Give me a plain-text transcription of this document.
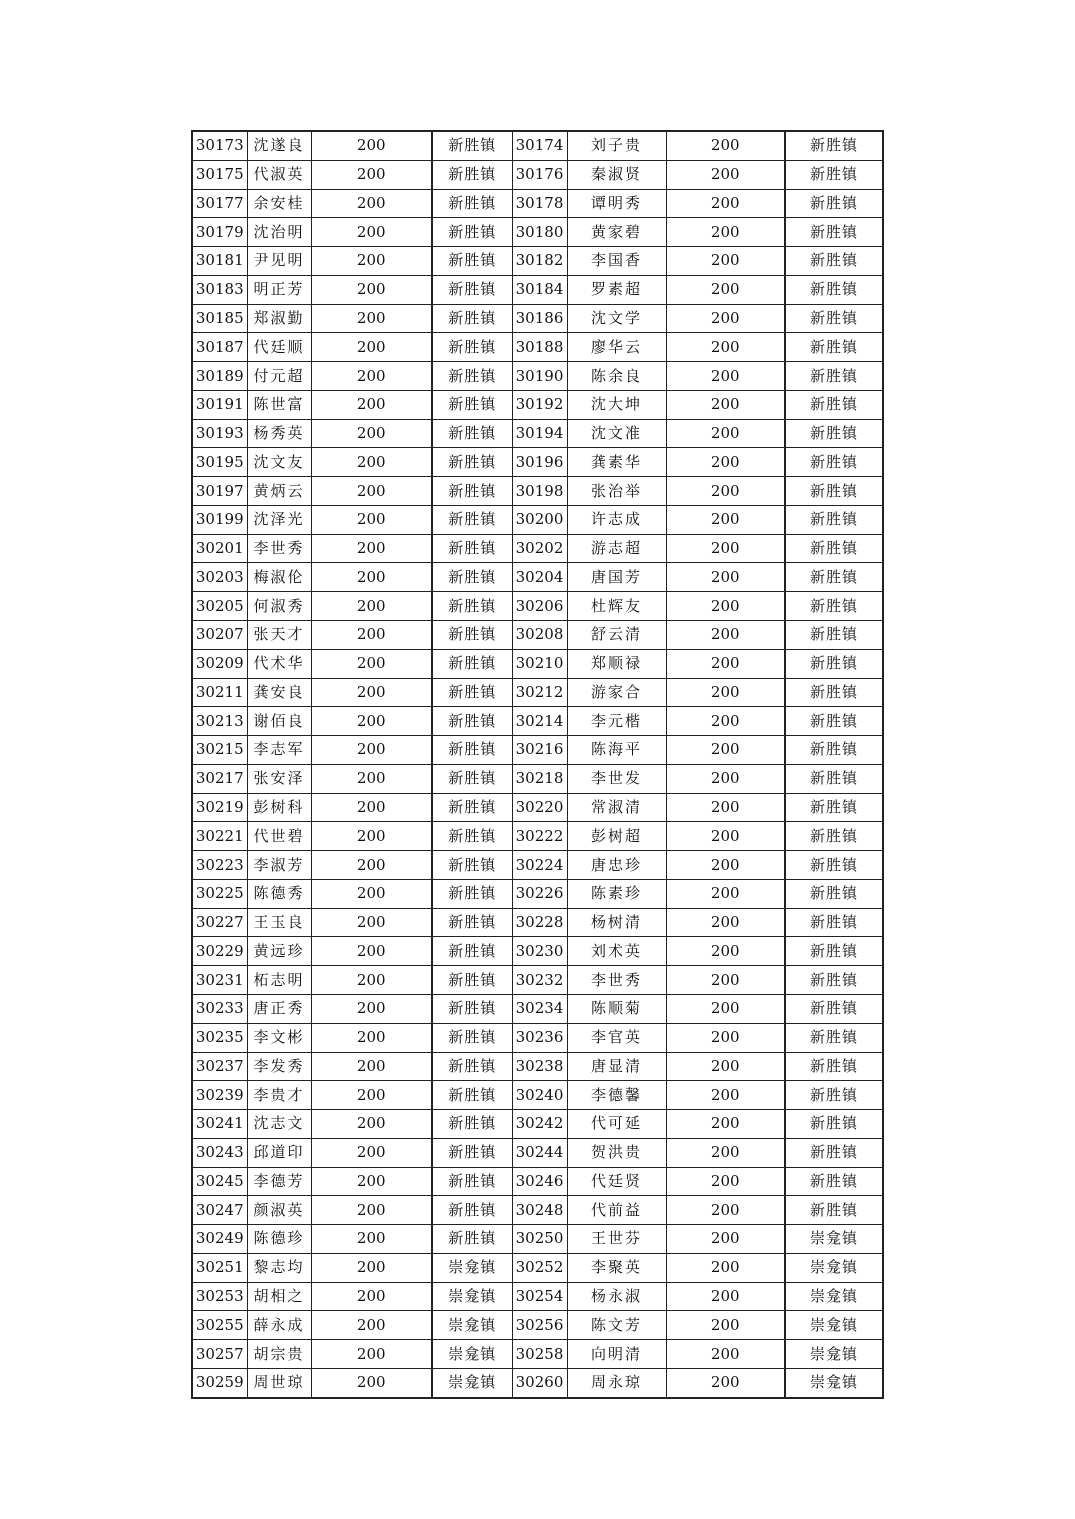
30173	沈遂良	200	新胜镇	30174	刘子贵	200	新胜镇
30175	代淑英	200	新胜镇	30176	秦淑贤	200	新胜镇
30177	余安桂	200	新胜镇	30178	谭明秀	200	新胜镇
30179	沈治明	200	新胜镇	30180	黄家碧	200	新胜镇
30181	尹见明	200	新胜镇	30182	李国香	200	新胜镇
30183	明正芳	200	新胜镇	30184	罗素超	200	新胜镇
30185	郑淑勤	200	新胜镇	30186	沈文学	200	新胜镇
30187	代廷顺	200	新胜镇	30188	廖华云	200	新胜镇
30189	付元超	200	新胜镇	30190	陈余良	200	新胜镇
30191	陈世富	200	新胜镇	30192	沈大坤	200	新胜镇
30193	杨秀英	200	新胜镇	30194	沈文准	200	新胜镇
30195	沈文友	200	新胜镇	30196	龚素华	200	新胜镇
30197	黄炳云	200	新胜镇	30198	张治举	200	新胜镇
30199	沈泽光	200	新胜镇	30200	许志成	200	新胜镇
30201	李世秀	200	新胜镇	30202	游志超	200	新胜镇
30203	梅淑伦	200	新胜镇	30204	唐国芳	200	新胜镇
30205	何淑秀	200	新胜镇	30206	杜辉友	200	新胜镇
30207	张天才	200	新胜镇	30208	舒云清	200	新胜镇
30209	代术华	200	新胜镇	30210	郑顺禄	200	新胜镇
30211	龚安良	200	新胜镇	30212	游家合	200	新胜镇
30213	谢佰良	200	新胜镇	30214	李元楷	200	新胜镇
30215	李志军	200	新胜镇	30216	陈海平	200	新胜镇
30217	张安泽	200	新胜镇	30218	李世发	200	新胜镇
30219	彭树科	200	新胜镇	30220	常淑清	200	新胜镇
30221	代世碧	200	新胜镇	30222	彭树超	200	新胜镇
30223	李淑芳	200	新胜镇	30224	唐忠珍	200	新胜镇
30225	陈德秀	200	新胜镇	30226	陈素珍	200	新胜镇
30227	王玉良	200	新胜镇	30228	杨树清	200	新胜镇
30229	黄远珍	200	新胜镇	30230	刘术英	200	新胜镇
30231	柘志明	200	新胜镇	30232	李世秀	200	新胜镇
30233	唐正秀	200	新胜镇	30234	陈顺菊	200	新胜镇
30235	李文彬	200	新胜镇	30236	李官英	200	新胜镇
30237	李发秀	200	新胜镇	30238	唐显清	200	新胜镇
30239	李贵才	200	新胜镇	30240	李德馨	200	新胜镇
30241	沈志文	200	新胜镇	30242	代可延	200	新胜镇
30243	邱道印	200	新胜镇	30244	贺洪贵	200	新胜镇
30245	李德芳	200	新胜镇	30246	代廷贤	200	新胜镇
30247	颜淑英	200	新胜镇	30248	代前益	200	新胜镇
30249	陈德珍	200	新胜镇	30250	王世芬	200	崇龛镇
30251	黎志均	200	崇龛镇	30252	李聚英	200	崇龛镇
30253	胡相之	200	崇龛镇	30254	杨永淑	200	崇龛镇
30255	薛永成	200	崇龛镇	30256	陈文芳	200	崇龛镇
30257	胡宗贵	200	崇龛镇	30258	向明清	200	崇龛镇
30259	周世琼	200	崇龛镇	30260	周永琼	200	崇龛镇
